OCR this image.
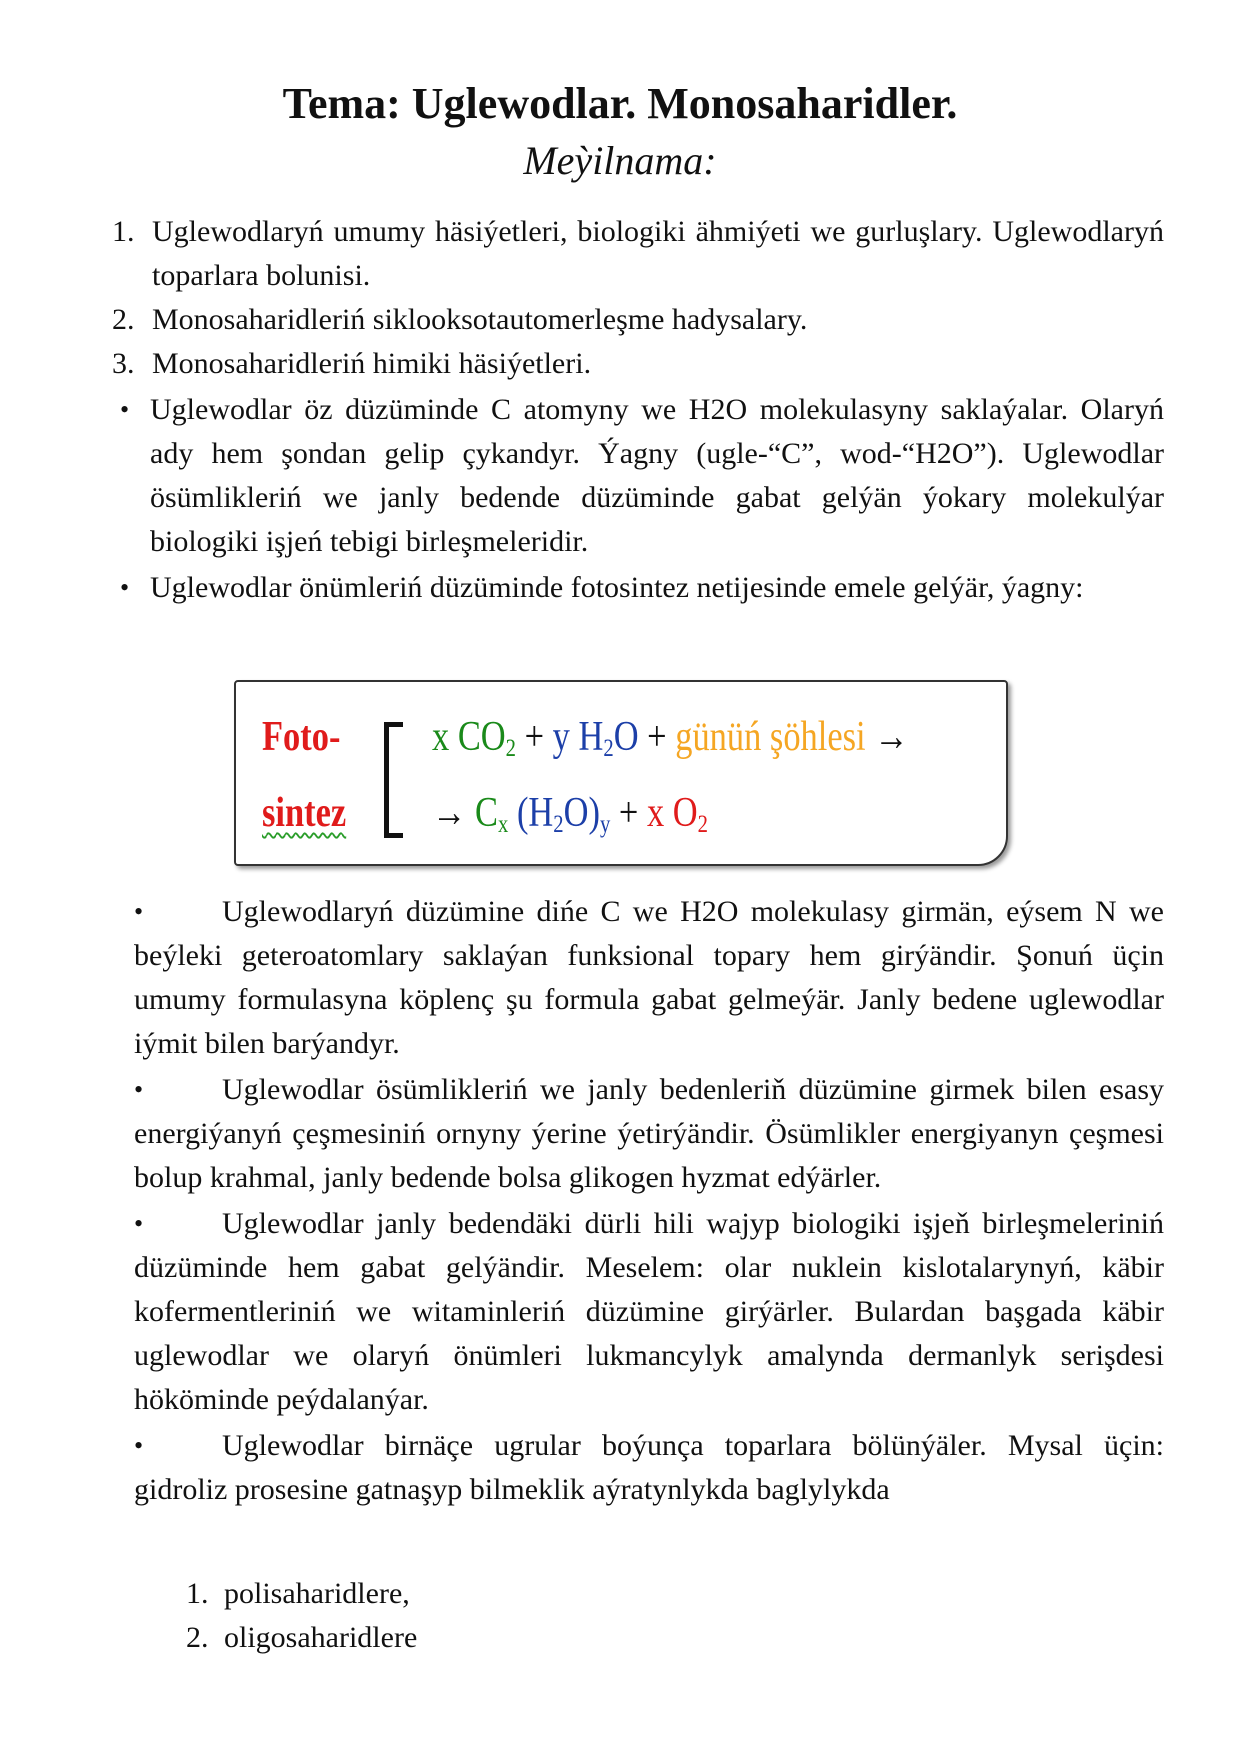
Tema: Uglewodlar. Monosaharidler.
Meỳilnama:
1. Uglewodlaryń umumy häsiýetleri, biologiki ähmiýeti we gurluşlary. Uglewodlaryń toparlara bolunisi.
2. Monosaharidleriń siklooksotautomerleşme hadysalary.
3. Monosaharidleriń himiki häsiýetleri.
• Uglewodlar öz düzüminde C atomyny we H2O molekulasyny saklaýalar. Olaryń ady hem şondan gelip çykandyr. Ýagny (ugle-“C”, wod-“H2O”). Uglewodlar ösümlikleriń we janly bedende düzüminde gabat gelýän ýokary molekulýar biologiki işjeń tebigi birleşmeleridir.
• Uglewodlar önümleriń düzüminde fotosintez netijesinde emele gelýär, ýagny:
Foto-
sintez
x $CO_2 + y$ $H_2O$ + günüń şöhlesi →
→ $C_x$ $(H_2O)_y + x$ $O_2$
•	Uglewodlaryń düzümine dińe C we H2O molekulasy girmän, eýsem N we beýleki geteroatomlary saklaýan funksional topary hem girýändir. Şonuń üçin umumy formulasyna köplenç şu formula gabat gelmeýär. Janly bedene uglewodlar iýmit bilen barýandyr.
•	Uglewodlar ösümlikleriń we janly bedenleriň düzümine girmek bilen esasy energiýanyń çeşmesiniń ornyny ýerine ýetirýändir. Ösümlikler energiyanyn çeşmesi bolup krahmal, janly bedende bolsa glikogen hyzmat edýärler.
•	Uglewodlar janly bedendäki dürli hili wajyp biologiki işjeň birleşmeleriniń düzüminde hem gabat gelýändir. Meselem: olar nuklein kislotalarynyń, käbir kofermentleriniń we witaminleriń düzümine girýärler. Bulardan başgada käbir uglewodlar we olaryń önümleri lukmancylyk amalynda dermanlyk serişdesi hököminde peýdalanýar.
•	Uglewodlar birnäçe ugrular boýunça toparlara bölünýäler. Mysal üçin: gidroliz prosesine gatnaşyp bilmeklik aýratynlykda baglylykda
1. polisaharidlere,
2. oligosaharidlere
